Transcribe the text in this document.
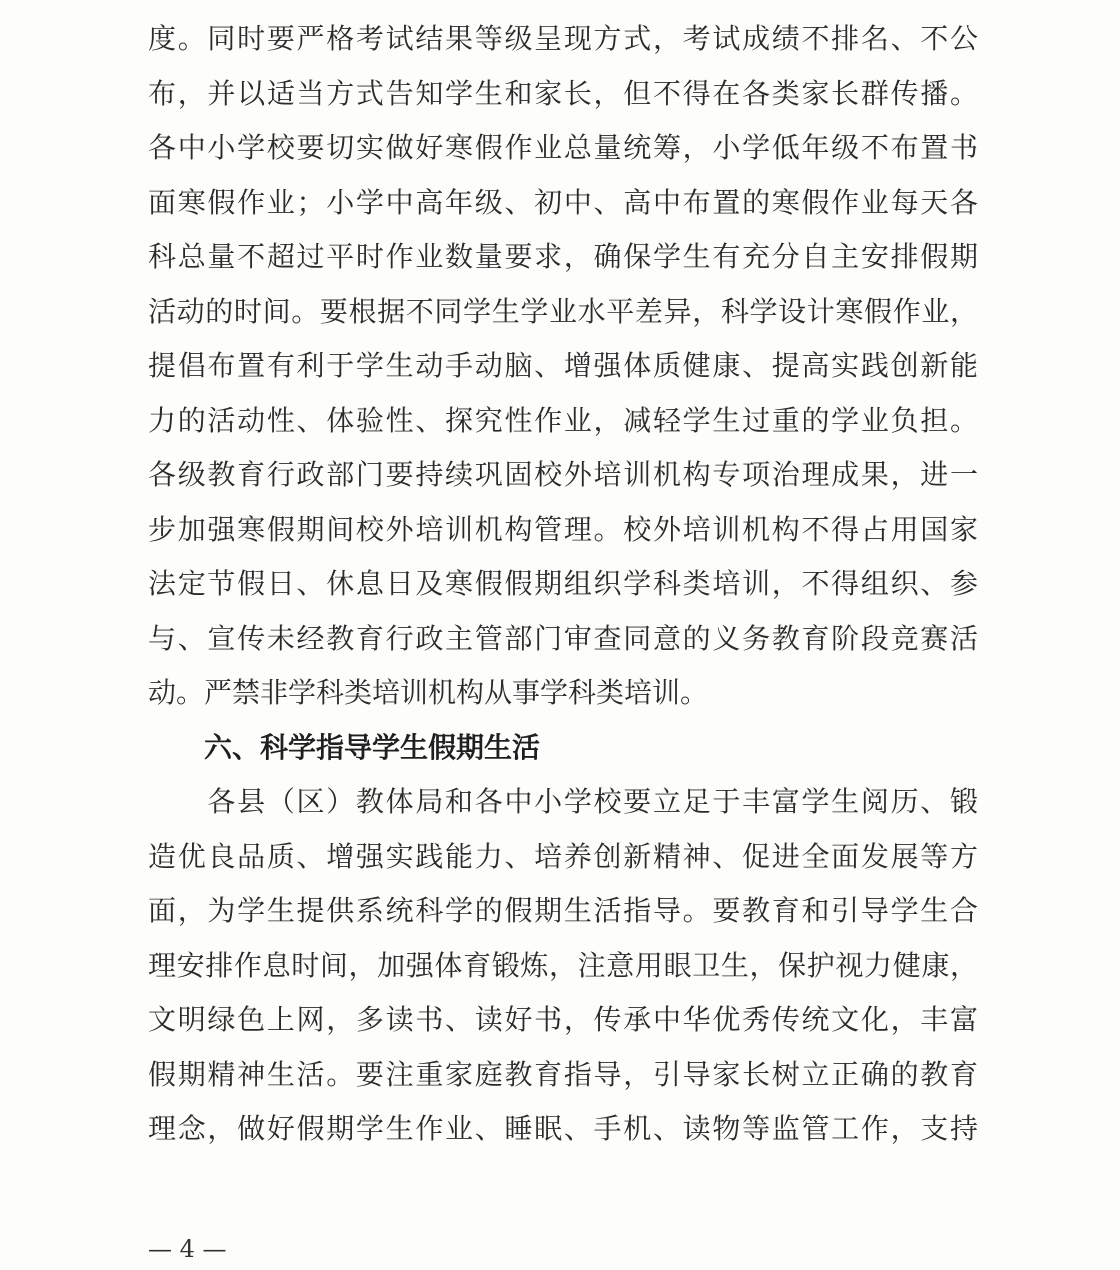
度。同时要严格考试结果等级呈现方式，考试成绩不排名、不公
布，并以适当方式告知学生和家长，但不得在各类家长群传播。
各中小学校要切实做好寒假作业总量统筹，小学低年级不布置书
面寒假作业；小学中高年级、初中、高中布置的寒假作业每天各
科总量不超过平时作业数量要求，确保学生有充分自主安排假期
活动的时间。要根据不同学生学业水平差异，科学设计寒假作业，
提倡布置有利于学生动手动脑、增强体质健康、提高实践创新能
力的活动性、体验性、探究性作业，减轻学生过重的学业负担。
各级教育行政部门要持续巩固校外培训机构专项治理成果，进一
步加强寒假期间校外培训机构管理。校外培训机构不得占用国家
法定节假日、休息日及寒假假期组织学科类培训，不得组织、参
与、宣传未经教育行政主管部门审查同意的义务教育阶段竞赛活
动。严禁非学科类培训机构从事学科类培训。
六、科学指导学生假期生活
　　各县（区）教体局和各中小学校要立足于丰富学生阅历、锻
造优良品质、增强实践能力、培养创新精神、促进全面发展等方
面，为学生提供系统科学的假期生活指导。要教育和引导学生合
理安排作息时间，加强体育锻炼，注意用眼卫生，保护视力健康，
文明绿色上网，多读书、读好书，传承中华优秀传统文化，丰富
假期精神生活。要注重家庭教育指导，引导家长树立正确的教育
理念，做好假期学生作业、睡眠、手机、读物等监管工作，支持
— 4 —
